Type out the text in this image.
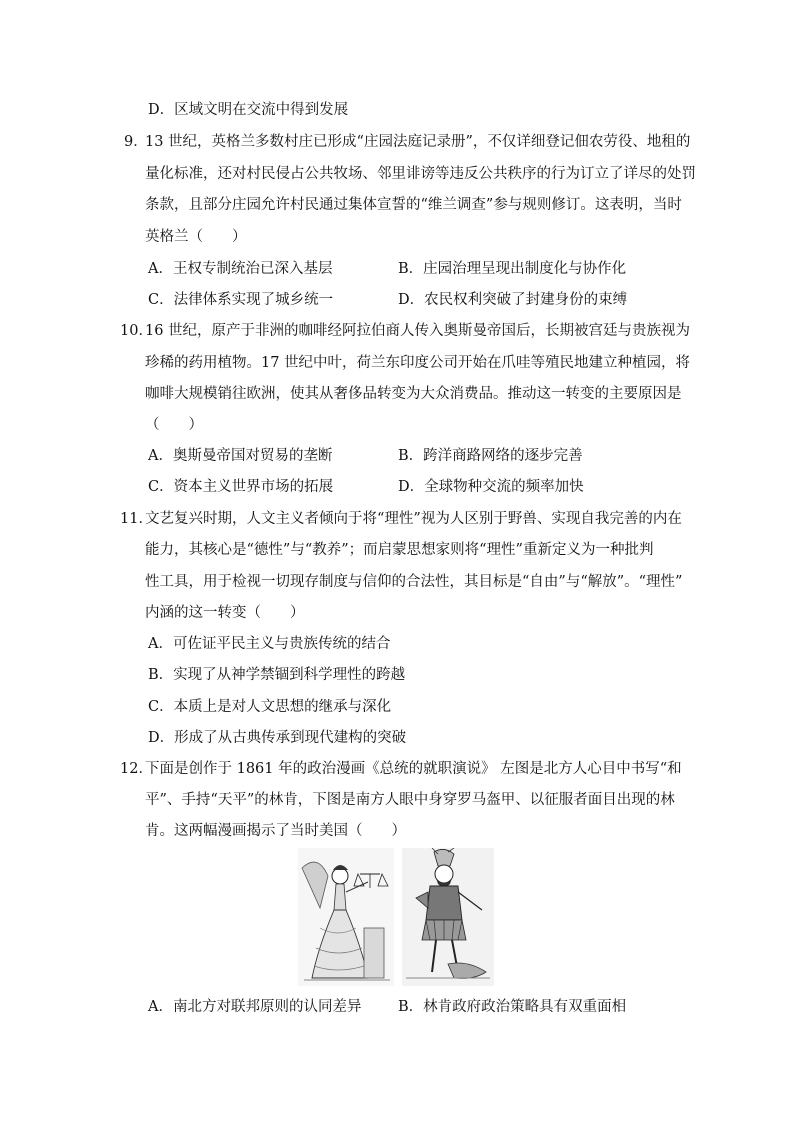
D．区域文明在交流中得到发展
9．
13 世纪，英格兰多数村庄已形成“庄园法庭记录册”，不仅详细登记佃农劳役、地租的
量化标准，还对村民侵占公共牧场、邻里诽谤等违反公共秩序的行为订立了详尽的处罚
条款，且部分庄园允许村民通过集体宣誓的“维兰调查”参与规则修订。这表明，当时
英格兰（　　）
A．王权专制统治已深入基层	B．庄园治理呈现出制度化与协作化
C．法律体系实现了城乡统一	D．农民权利突破了封建身份的束缚
10．
16 世纪，原产于非洲的咖啡经阿拉伯商人传入奥斯曼帝国后，长期被宫廷与贵族视为
珍稀的药用植物。17 世纪中叶，荷兰东印度公司开始在爪哇等殖民地建立种植园，将
咖啡大规模销往欧洲，使其从奢侈品转变为大众消费品。推动这一转变的主要原因是
（　　）
A．奥斯曼帝国对贸易的垄断	B．跨洋商路网络的逐步完善
C．资本主义世界市场的拓展	D．全球物种交流的频率加快
11．
文艺复兴时期，人文主义者倾向于将“理性”视为人区别于野兽、实现自我完善的内在
能力，其核心是“德性”与“教养”；而启蒙思想家则将“理性”重新定义为一种批判
性工具，用于检视一切现存制度与信仰的合法性，其目标是“自由”与“解放”。“理性”
内涵的这一转变（　　）
A．可佐证平民主义与贵族传统的结合
B．实现了从神学禁锢到科学理性的跨越
C．本质上是对人文思想的继承与深化
D．形成了从古典传承到现代建构的突破
12．
下面是创作于 1861 年的政治漫画《总统的就职演说》 左图是北方人心目中书写“和
平”、手持“天平”的林肯，下图是南方人眼中身穿罗马盔甲、以征服者面目出现的林
肯。这两幅漫画揭示了当时美国（　　）
A．南北方对联邦原则的认同差异	B．林肯政府政治策略具有双重面相
